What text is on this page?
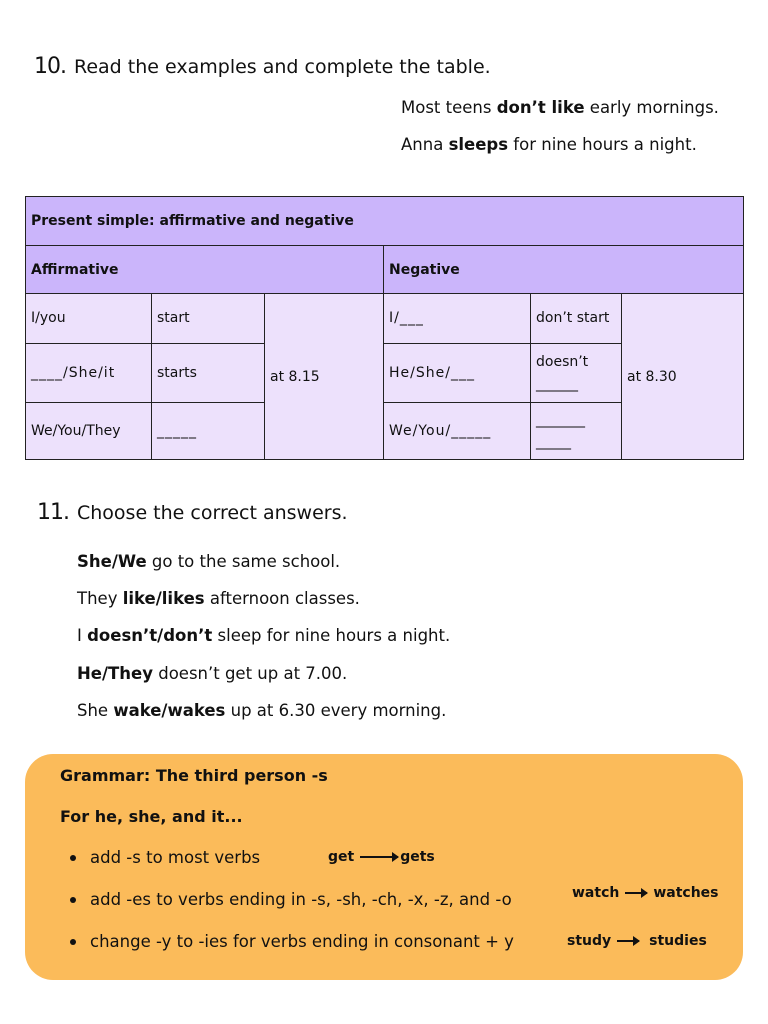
10. Read the examples and complete the table.
Most teens don’t like early mornings.
Anna sleeps for nine hours a night.
Present simple: affirmative and negative					
Affirmative			Negative		
I/you	start	at 8.15	I/___	don’t start	at 8.30
____/She/it	starts		He/She/___	doesn’t
______	

We/You/They	_____		We/You/_____	_______
_____	
11. Choose the correct answers.
She/We go to the same school.
They like/likes afternoon classes.
I doesn’t/don’t sleep for nine hours a night.
He/They doesn’t get up at 7.00.
She wake/wakes up at 6.30 every morning.
Grammar: The third person -s
For he, she, and it...
add -s to most verbs	get	gets
add -es to verbs ending in -s, -sh, -ch, -x, -z, and -o	watch watches
change -y to -ies for verbs ending in consonant + y	study	studies
